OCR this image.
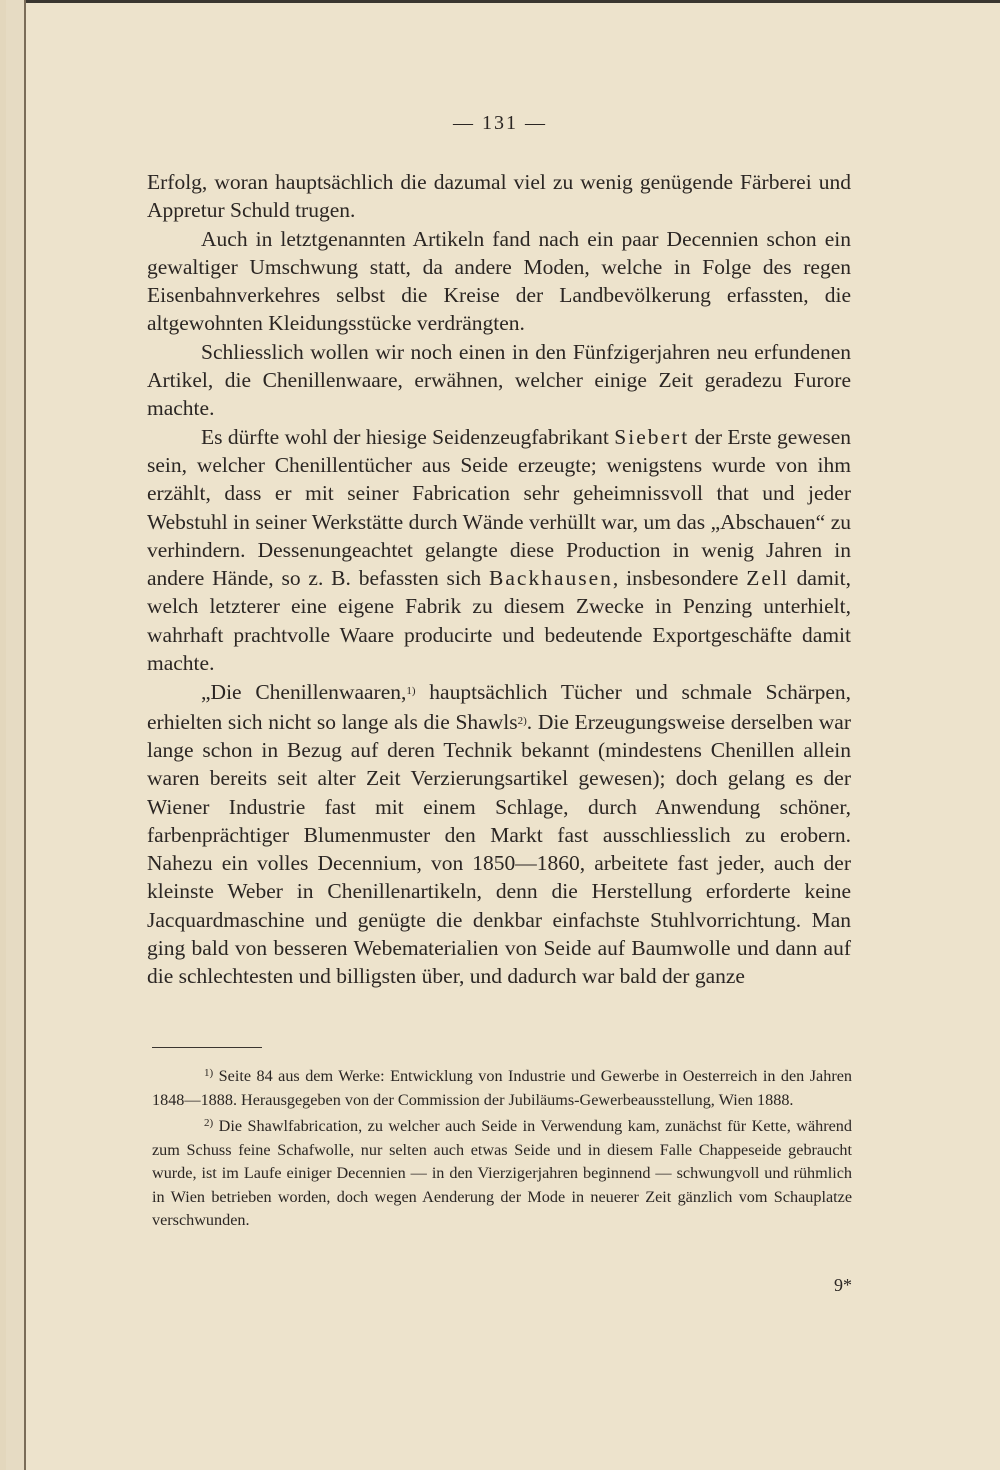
— 131 —

Erfolg, woran hauptsächlich die dazumal viel zu wenig genügende Färberei und Appretur Schuld trugen.

Auch in letztgenannten Artikeln fand nach ein paar Decennien schon ein gewaltiger Umschwung statt, da andere Moden, welche in Folge des regen Eisenbahnverkehres selbst die Kreise der Landbevölkerung erfassten, die altgewohnten Kleidungsstücke verdrängten.

Schliesslich wollen wir noch einen in den Fünfzigerjahren neu erfundenen Artikel, die Chenillenwaare, erwähnen, welcher einige Zeit geradezu Furore machte.

Es dürfte wohl der hiesige Seidenzeugfabrikant Siebert der Erste gewesen sein, welcher Chenillentücher aus Seide erzeugte; wenigstens wurde von ihm erzählt, dass er mit seiner Fabrication sehr geheimnissvoll that und jeder Webstuhl in seiner Werkstätte durch Wände verhüllt war, um das „Abschauen“ zu verhindern. Dessenungeachtet gelangte diese Production in wenig Jahren in andere Hände, so z. B. befassten sich Backhausen, insbesondere Zell damit, welch letzterer eine eigene Fabrik zu diesem Zwecke in Penzing unterhielt, wahrhaft prachtvolle Waare producirte und bedeutende Exportgeschäfte damit machte.

„Die Chenillenwaaren,$^{1)}$ hauptsächlich Tücher und schmale Schärpen, erhielten sich nicht so lange als die Shawls$^{2)}$. Die Erzeugungsweise derselben war lange schon in Bezug auf deren Technik bekannt (mindestens Chenillen allein waren bereits seit alter Zeit Verzierungsartikel gewesen); doch gelang es der Wiener Industrie fast mit einem Schlage, durch Anwendung schöner, farbenprächtiger Blumenmuster den Markt fast ausschliesslich zu erobern. Nahezu ein volles Decennium, von 1850—1860, arbeitete fast jeder, auch der kleinste Weber in Chenillenartikeln, denn die Herstellung erforderte keine Jacquardmaschine und genügte die denkbar einfachste Stuhlvorrichtung. Man ging bald von besseren Webematerialien von Seide auf Baumwolle und dann auf die schlechtesten und billigsten über, und dadurch war bald der ganze

$^{1)}$ Seite 84 aus dem Werke: Entwicklung von Industrie und Gewerbe in Oesterreich in den Jahren 1848—1888. Herausgegeben von der Commission der Jubiläums-Gewerbeausstellung, Wien 1888.

$^{2)}$ Die Shawlfabrication, zu welcher auch Seide in Verwendung kam, zunächst für Kette, während zum Schuss feine Schafwolle, nur selten auch etwas Seide und in diesem Falle Chappeseide gebraucht wurde, ist im Laufe einiger Decennien — in den Vierzigerjahren beginnend — schwungvoll und rühmlich in Wien betrieben worden, doch wegen Aenderung der Mode in neuerer Zeit gänzlich vom Schauplatze verschwunden.

9*
